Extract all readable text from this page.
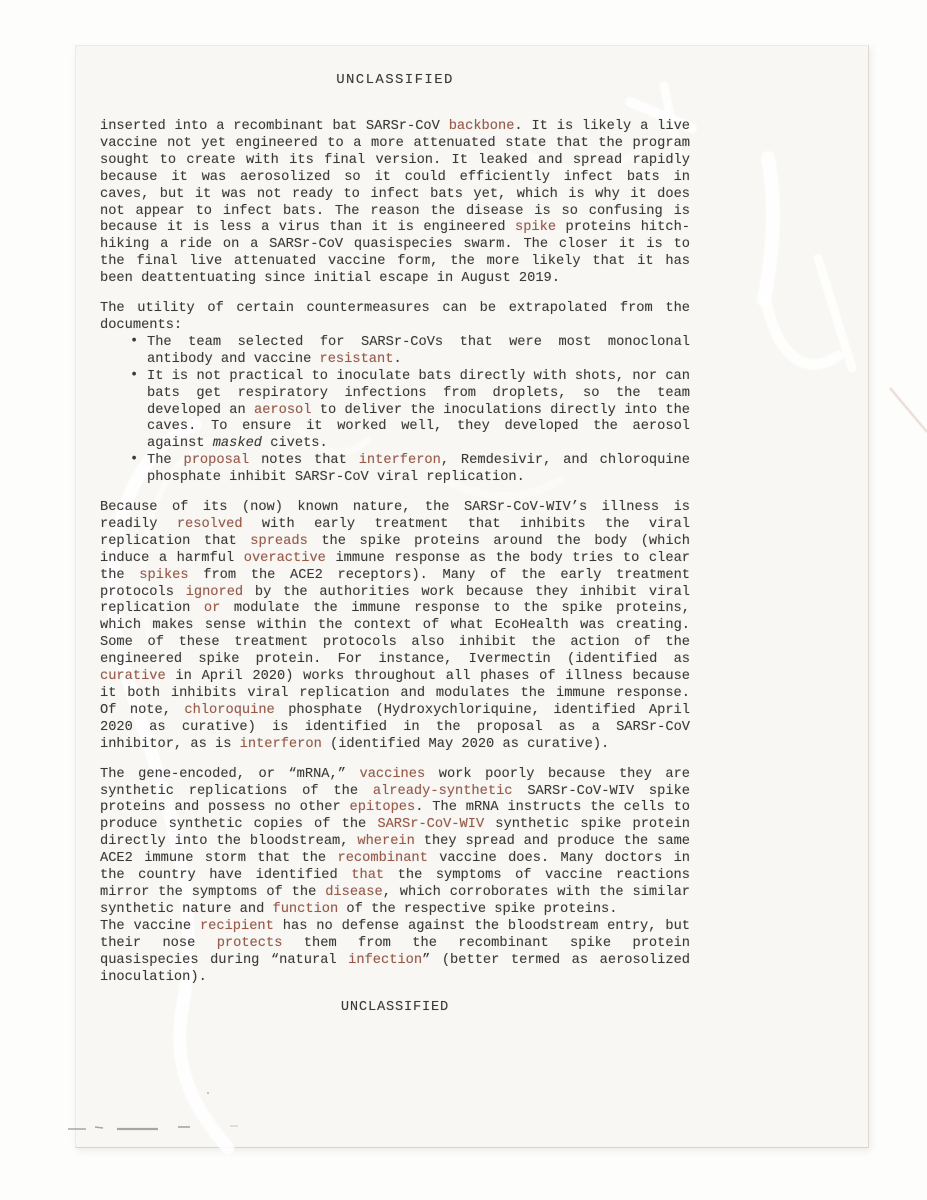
UNCLASSIFIED

inserted into a recombinant bat SARSr-CoV backbone. It is likely a live vaccine not yet engineered to a more attenuated state that the program sought to create with its final version. It leaked and spread rapidly because it was aerosolized so it could efficiently infect bats in caves, but it was not ready to infect bats yet, which is why it does not appear to infect bats. The reason the disease is so confusing is because it is less a virus than it is engineered spike proteins hitch-hiking a ride on a SARSr-CoV quasispecies swarm. The closer it is to the final live attenuated vaccine form, the more likely that it has been deattentuating since initial escape in August 2019.

The utility of certain countermeasures can be extrapolated from the documents:

• The team selected for SARSr-CoVs that were most monoclonal antibody and vaccine resistant.
• It is not practical to inoculate bats directly with shots, nor can bats get respiratory infections from droplets, so the team developed an aerosol to deliver the inoculations directly into the caves. To ensure it worked well, they developed the aerosol against masked civets.
• The proposal notes that interferon, Remdesivir, and chloroquine phosphate inhibit SARSr-CoV viral replication.

Because of its (now) known nature, the SARSr-CoV-WIV’s illness is readily resolved with early treatment that inhibits the viral replication that spreads the spike proteins around the body (which induce a harmful overactive immune response as the body tries to clear the spikes from the ACE2 receptors). Many of the early treatment protocols ignored by the authorities work because they inhibit viral replication or modulate the immune response to the spike proteins, which makes sense within the context of what EcoHealth was creating. Some of these treatment protocols also inhibit the action of the engineered spike protein. For instance, Ivermectin (identified as curative in April 2020) works throughout all phases of illness because it both inhibits viral replication and modulates the immune response. Of note, chloroquine phosphate (Hydroxychloriquine, identified April 2020 as curative) is identified in the proposal as a SARSr-CoV inhibitor, as is interferon (identified May 2020 as curative).

The gene-encoded, or “mRNA,” vaccines work poorly because they are synthetic replications of the already-synthetic SARSr-CoV-WIV spike proteins and possess no other epitopes. The mRNA instructs the cells to produce synthetic copies of the SARSr-CoV-WIV synthetic spike protein directly into the bloodstream, wherein they spread and produce the same ACE2 immune storm that the recombinant vaccine does. Many doctors in the country have identified that the symptoms of vaccine reactions mirror the symptoms of the disease, which corroborates with the similar synthetic nature and function of the respective spike proteins.

The vaccine recipient has no defense against the bloodstream entry, but their nose protects them from the recombinant spike protein quasispecies during “natural infection” (better termed as aerosolized inoculation).

UNCLASSIFIED
